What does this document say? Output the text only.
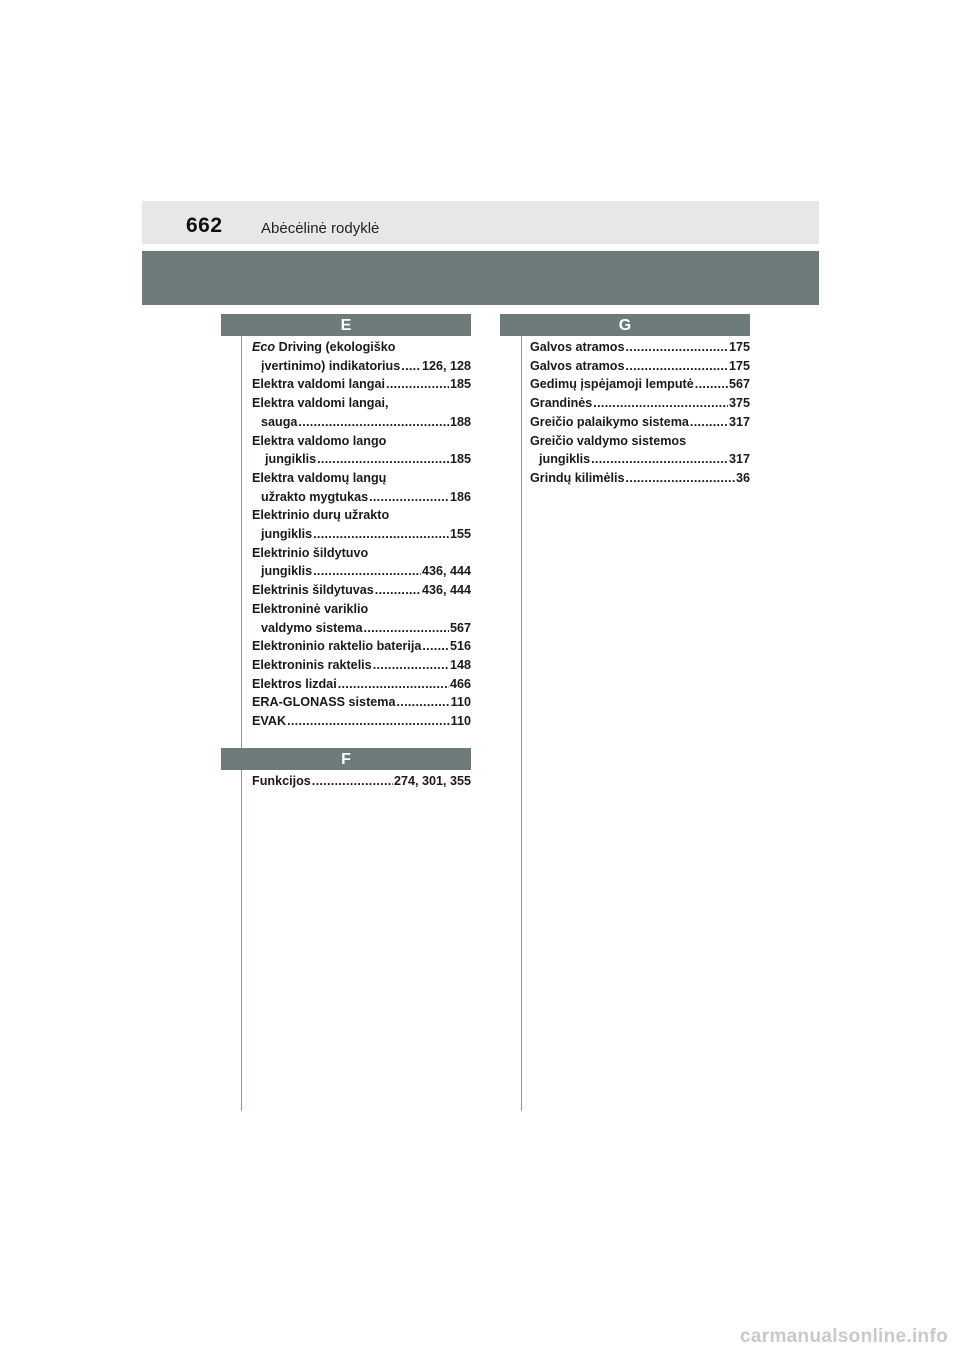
662	Abėcėlinė rodyklė
E
Eco Driving (ekologiško
įvertinimo) indikatorius ..... 126, 128
Elektra valdomi langai .....	185
Elektra valdomi langai,
sauga .....	188
Elektra valdomo lango
jungiklis .....	185
Elektra valdomų langų
užrakto mygtukas .....	186
Elektrinio durų užrakto
jungiklis .....	155
Elektrinio šildytuvo
jungiklis .....	436, 444
Elektrinis šildytuvas .....	436, 444
Elektroninė variklio
valdymo sistema .....	567
Elektroninio raktelio baterija ..... 516
Elektroninis raktelis .....	148
Elektros lizdai .....	466
ERA-GLONASS sistema .....	110
EVAK .....	110
F
Funkcijos .....	274, 301, 355
G
Galvos atramos .....	175
Galvos atramos .....	175
Gedimų įspėjamoji lemputė .....	567
Grandinės .....	375
Greičio palaikymo sistema .....	317
Greičio valdymo sistemos
jungiklis .....	317
Grindų kilimėlis .....	36
carmanualsonline.info
